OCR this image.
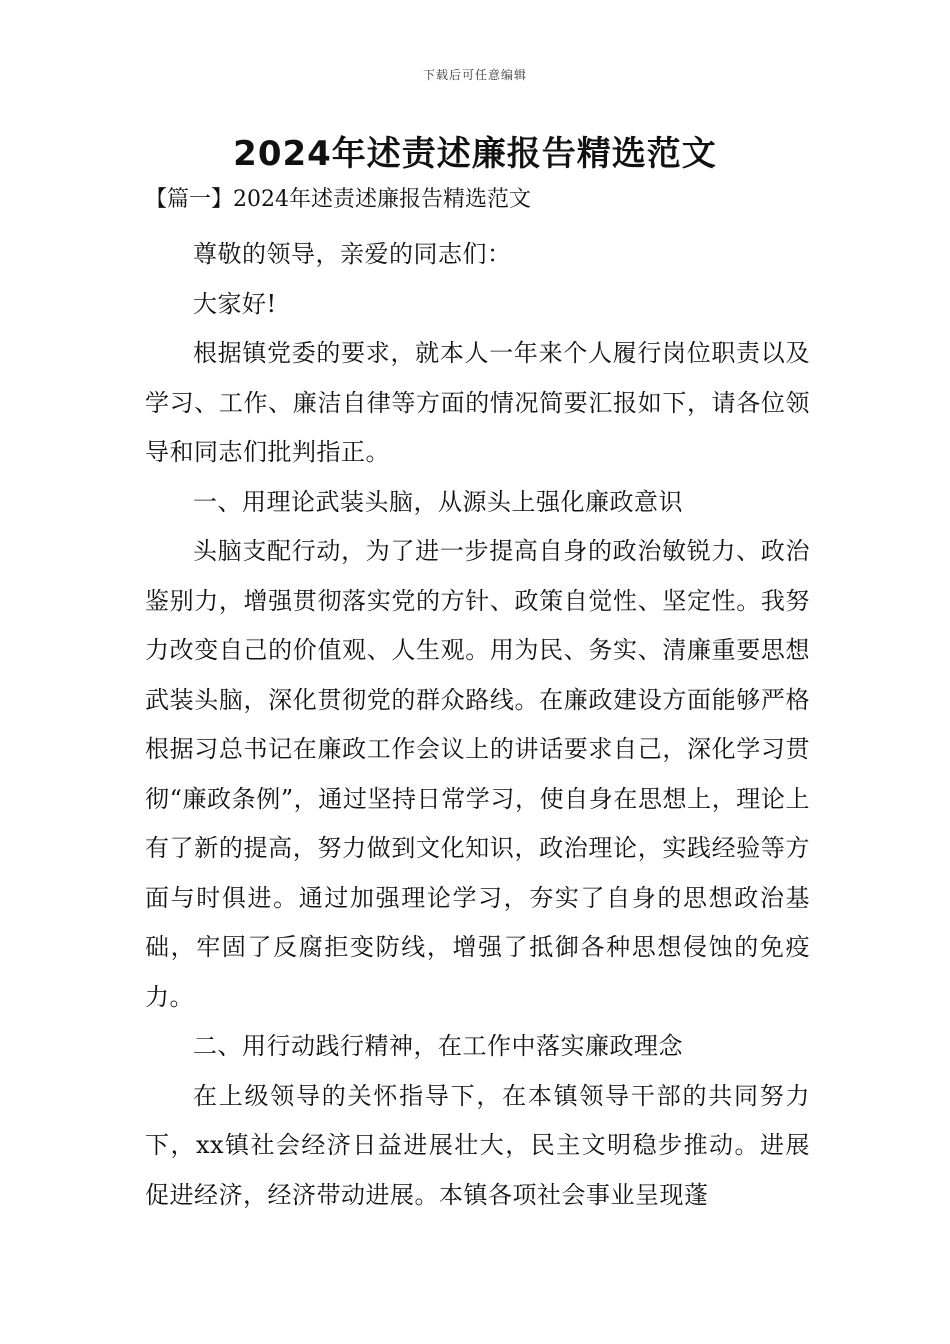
下载后可任意编辑
2024年述责述廉报告精选范文
【篇一】2024年述责述廉报告精选范文

尊敬的领导，亲爱的同志们：

大家好!

根据镇党委的要求，就本人一年来个人履行岗位职责以及学习、工作、廉洁自律等方面的情况简要汇报如下，请各位领导和同志们批判指正。

一、用理论武装头脑，从源头上强化廉政意识

头脑支配行动，为了进一步提高自身的政治敏锐力、政治鉴别力，增强贯彻落实党的方针、政策自觉性、坚定性。我努力改变自己的价值观、人生观。用为民、务实、清廉重要思想武装头脑，深化贯彻党的群众路线。在廉政建设方面能够严格根据习总书记在廉政工作会议上的讲话要求自己，深化学习贯彻“廉政条例”，通过坚持日常学习，使自身在思想上，理论上有了新的提高，努力做到文化知识，政治理论，实践经验等方面与时俱进。通过加强理论学习，夯实了自身的思想政治基础，牢固了反腐拒变防线，增强了抵御各种思想侵蚀的免疫力。

二、用行动践行精神，在工作中落实廉政理念

在上级领导的关怀指导下，在本镇领导干部的共同努力下，xx镇社会经济日益进展壮大，民主文明稳步推动。进展促进经济，经济带动进展。本镇各项社会事业呈现蓬
